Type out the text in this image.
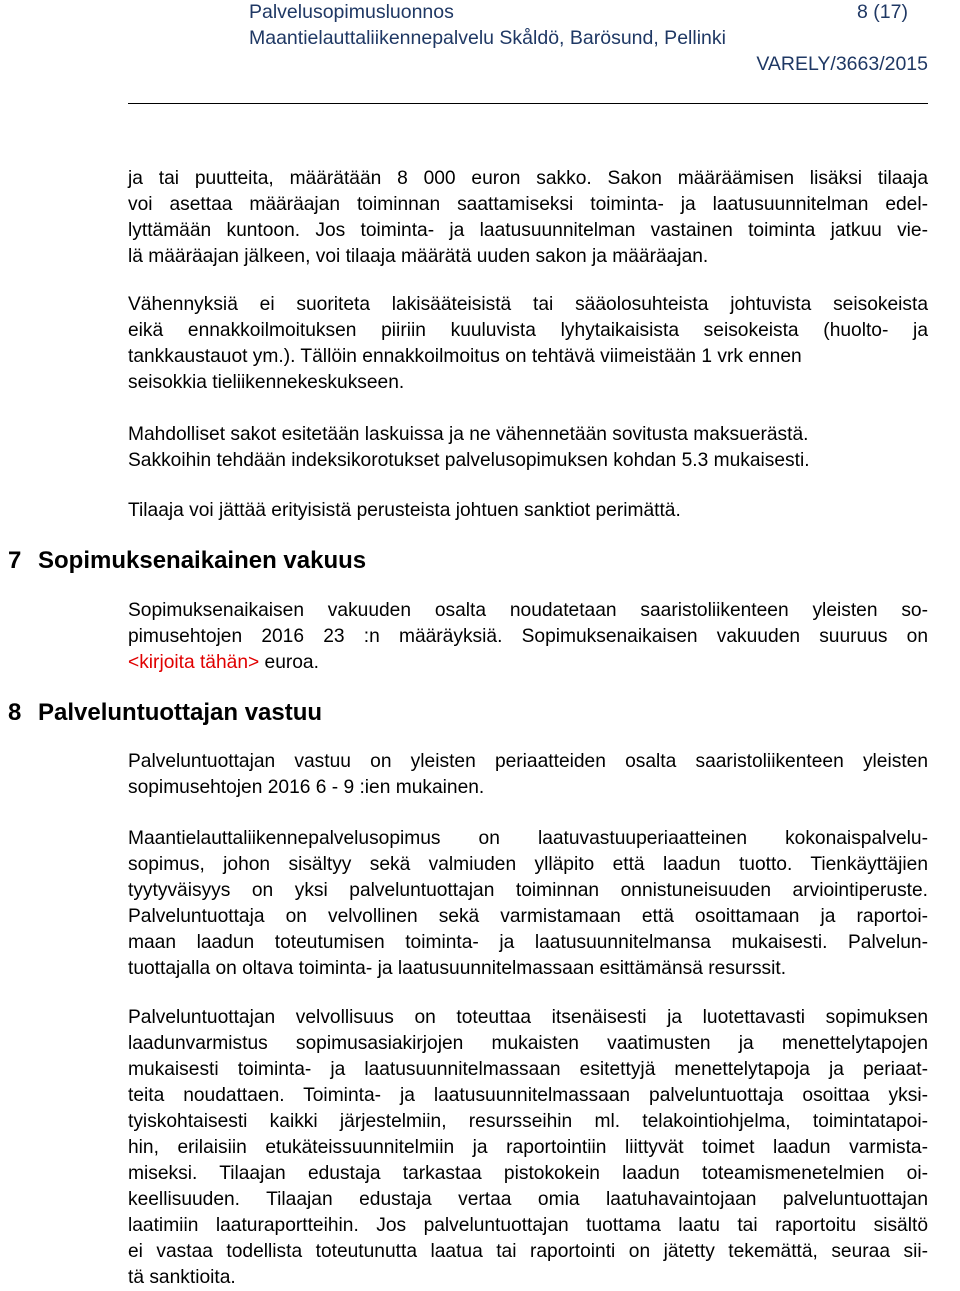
Palvelusopimusluonnos	8 (17)
Maantielauttaliikennepalvelu Skåldö, Barösund, Pellinki
VARELY/3663/2015
ja tai puutteita, määrätään 8 000 euron sakko. Sakon määräämisen lisäksi tilaaja
voi asettaa määräajan toiminnan saattamiseksi toiminta- ja laatusuunnitelman edel-
lyttämään kuntoon. Jos toiminta- ja laatusuunnitelman vastainen toiminta jatkuu vie-
lä määräajan jälkeen, voi tilaaja määrätä uuden sakon ja määräajan.
Vähennyksiä ei suoriteta lakisääteisistä tai sääolosuhteista johtuvista seisokeista
eikä ennakkoilmoituksen piiriin kuuluvista lyhytaikaisista seisokeista (huolto- ja
tankkaustauot ym.). Tällöin ennakkoilmoitus on tehtävä viimeistään 1 vrk ennen
seisokkia tieliikennekeskukseen.
Mahdolliset sakot esitetään laskuissa ja ne vähennetään sovitusta maksuerästä.
Sakkoihin tehdään indeksikorotukset palvelusopimuksen kohdan 5.3 mukaisesti.
Tilaaja voi jättää erityisistä perusteista johtuen sanktiot perimättä.
7 Sopimuksenaikainen vakuus
Sopimuksenaikaisen vakuuden osalta noudatetaan saaristoliikenteen yleisten so-
pimusehtojen 2016 23 :n määräyksiä. Sopimuksenaikaisen vakuuden suuruus on
<kirjoita tähän> euroa.
8 Palveluntuottajan vastuu
Palveluntuottajan vastuu on yleisten periaatteiden osalta saaristoliikenteen yleisten
sopimusehtojen 2016 6 - 9 :ien mukainen.
Maantielauttaliikennepalvelusopimus on laatuvastuuperiaatteinen kokonaispalvelu-
sopimus, johon sisältyy sekä valmiuden ylläpito että laadun tuotto. Tienkäyttäjien
tyytyväisyys on yksi palveluntuottajan toiminnan onnistuneisuuden arviointiperuste.
Palveluntuottaja on velvollinen sekä varmistamaan että osoittamaan ja raportoi-
maan laadun toteutumisen toiminta- ja laatusuunnitelmansa mukaisesti. Palvelun-
tuottajalla on oltava toiminta- ja laatusuunnitelmassaan esittämänsä resurssit.
Palveluntuottajan velvollisuus on toteuttaa itsenäisesti ja luotettavasti sopimuksen
laadunvarmistus sopimusasiakirjojen mukaisten vaatimusten ja menettelytapojen
mukaisesti toiminta- ja laatusuunnitelmassaan esitettyjä menettelytapoja ja periaat-
teita noudattaen. Toiminta- ja laatusuunnitelmassaan palveluntuottaja osoittaa yksi-
tyiskohtaisesti kaikki järjestelmiin, resursseihin ml. telakointiohjelma, toimintatapoi-
hin, erilaisiin etukäteissuunnitelmiin ja raportointiin liittyvät toimet laadun varmista-
miseksi. Tilaajan edustaja tarkastaa pistokokein laadun toteamismenetelmien oi-
keellisuuden. Tilaajan edustaja vertaa omia laatuhavaintojaan palveluntuottajan
laatimiin laaturaportteihin. Jos palveluntuottajan tuottama laatu tai raportoitu sisältö
ei vastaa todellista toteutunutta laatua tai raportointi on jätetty tekemättä, seuraa sii-
tä sanktioita.
